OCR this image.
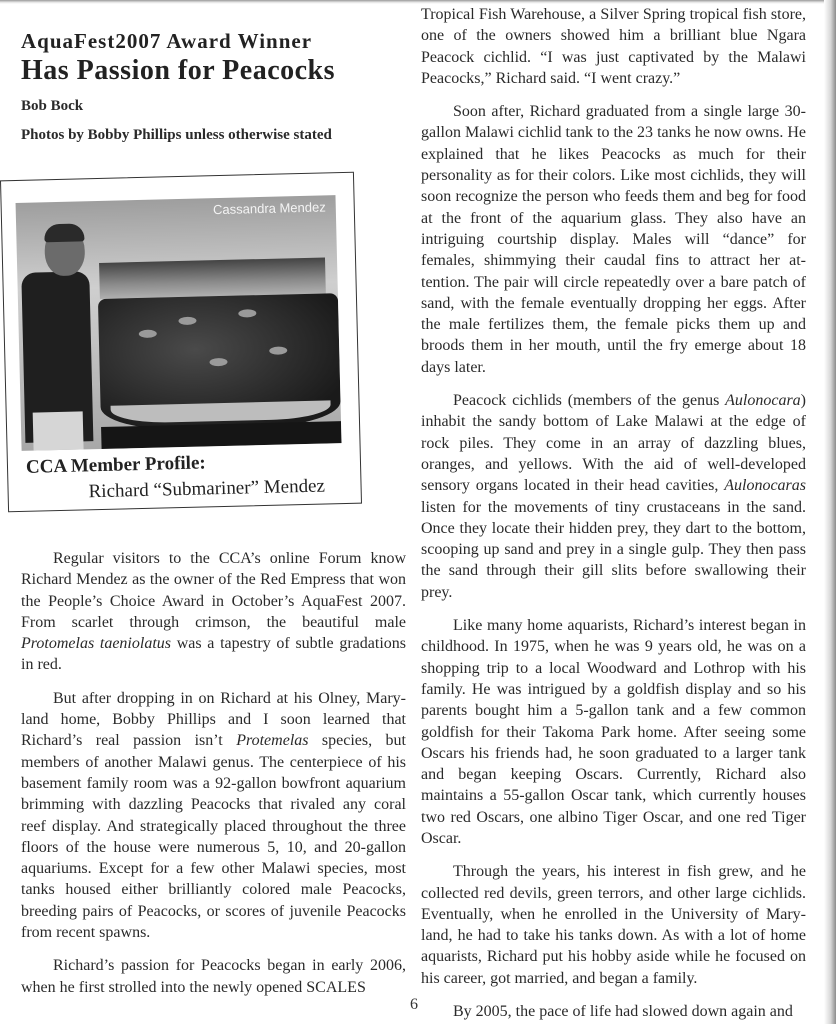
AquaFest2007 Award Winner
Has Passion for Peacocks
Bob Bock
Photos by Bobby Phillips unless otherwise stated
Cassandra Mendez
CCA Member Profile:
Richard “Submariner” Mendez

Regular visitors to the CCA’s online Forum know Richard Mendez as the owner of the Red Empress that won the People’s Choice Award in October’s AquaFest 2007. From scarlet through crimson, the beautiful male Protomelas taeniolatus was a tapestry of subtle gradations in red.

But after dropping in on Richard at his Olney, Maryland home, Bobby Phillips and I soon learned that Richard’s real passion isn’t Protemelas species, but members of another Malawi genus. The centerpiece of his basement family room was a 92-gallon bowfront aquarium brimming with dazzling Peacocks that rivaled any coral reef display. And strategically placed throughout the three floors of the house were numerous 5, 10, and 20-gallon aquariums. Except for a few other Malawi species, most tanks housed either brilliantly colored male Peacocks, breeding pairs of Peacocks, or scores of juvenile Peacocks from recent spawns.

Richard’s passion for Peacocks began in early 2006, when he first strolled into the newly opened SCALES

Tropical Fish Warehouse, a Silver Spring tropical fish store, one of the owners showed him a brilliant blue Ngara Peacock cichlid. “I was just captivated by the Malawi Peacocks,” Richard said. “I went crazy.”

Soon after, Richard graduated from a single large 30-gallon Malawi cichlid tank to the 23 tanks he now owns. He explained that he likes Peacocks as much for their personality as for their colors. Like most cichlids, they will soon recognize the person who feeds them and beg for food at the front of the aquarium glass. They also have an intriguing courtship display. Males will “dance” for females, shimmying their caudal fins to attract her attention. The pair will circle repeatedly over a bare patch of sand, with the female eventually dropping her eggs. After the male fertilizes them, the female picks them up and broods them in her mouth, until the fry emerge about 18 days later.

Peacock cichlids (members of the genus Aulonocara) inhabit the sandy bottom of Lake Malawi at the edge of rock piles. They come in an array of dazzling blues, oranges, and yellows. With the aid of well-developed sensory organs located in their head cavities, Aulonocaras listen for the movements of tiny crustaceans in the sand. Once they locate their hidden prey, they dart to the bottom, scooping up sand and prey in a single gulp. They then pass the sand through their gill slits before swallowing their prey.

Like many home aquarists, Richard’s interest began in childhood. In 1975, when he was 9 years old, he was on a shopping trip to a local Woodward and Lothrop with his family. He was intrigued by a goldfish display and so his parents bought him a 5-gallon tank and a few common goldfish for their Takoma Park home. After seeing some Oscars his friends had, he soon graduated to a larger tank and began keeping Oscars. Currently, Richard also maintains a 55-gallon Oscar tank, which currently houses two red Oscars, one albino Tiger Oscar, and one red Tiger Oscar.

Through the years, his interest in fish grew, and he collected red devils, green terrors, and other large cichlids. Eventually, when he enrolled in the University of Maryland, he had to take his tanks down. As with a lot of home aquarists, Richard put his hobby aside while he focused on his career, got married, and began a family.

By 2005, the pace of life had slowed down again and

6
